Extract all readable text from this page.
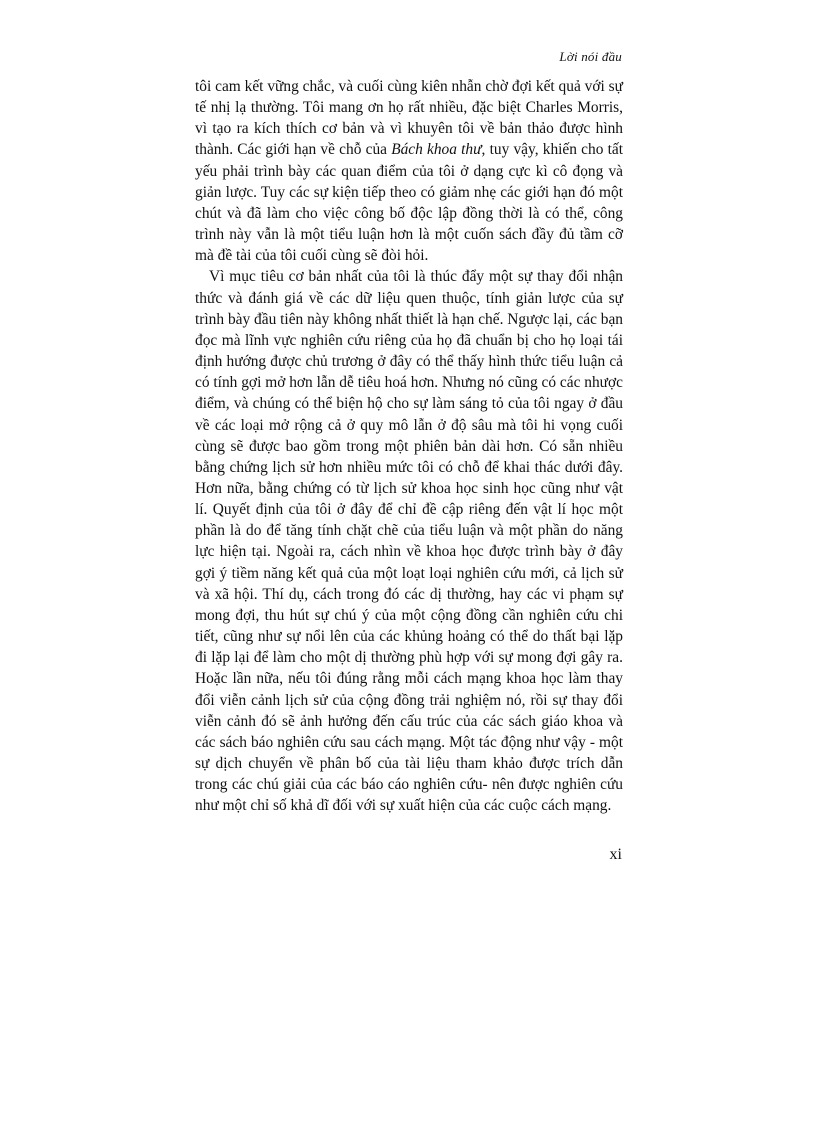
Lời nói đầu

tôi cam kết vững chắc, và cuối cùng kiên nhẫn chờ đợi kết quả với sự tế nhị lạ thường. Tôi mang ơn họ rất nhiều, đặc biệt Charles Morris, vì tạo ra kích thích cơ bản và vì khuyên tôi về bản thảo được hình thành. Các giới hạn về chỗ của Bách khoa thư, tuy vậy, khiến cho tất yếu phải trình bày các quan điểm của tôi ở dạng cực kì cô đọng và giản lược. Tuy các sự kiện tiếp theo có giảm nhẹ các giới hạn đó một chút và đã làm cho việc công bố độc lập đồng thời là có thể, công trình này vẫn là một tiểu luận hơn là một cuốn sách đầy đủ tầm cỡ mà đề tài của tôi cuối cùng sẽ đòi hỏi.

Vì mục tiêu cơ bản nhất của tôi là thúc đẩy một sự thay đổi nhận thức và đánh giá về các dữ liệu quen thuộc, tính giản lược của sự trình bày đầu tiên này không nhất thiết là hạn chế. Ngược lại, các bạn đọc mà lĩnh vực nghiên cứu riêng của họ đã chuẩn bị cho họ loại tái định hướng được chủ trương ở đây có thể thấy hình thức tiểu luận cả có tính gợi mở hơn lẫn dễ tiêu hoá hơn. Nhưng nó cũng có các nhược điểm, và chúng có thể biện hộ cho sự làm sáng tỏ của tôi ngay ở đầu về các loại mở rộng cả ở quy mô lẫn ở độ sâu mà tôi hi vọng cuối cùng sẽ được bao gồm trong một phiên bản dài hơn. Có sẵn nhiều bằng chứng lịch sử hơn nhiều mức tôi có chỗ để khai thác dưới đây. Hơn nữa, bằng chứng có từ lịch sử khoa học sinh học cũng như vật lí. Quyết định của tôi ở đây để chỉ đề cập riêng đến vật lí học một phần là do để tăng tính chặt chẽ của tiểu luận và một phần do năng lực hiện tại. Ngoài ra, cách nhìn về khoa học được trình bày ở đây gợi ý tiềm năng kết quả của một loạt loại nghiên cứu mới, cả lịch sử và xã hội. Thí dụ, cách trong đó các dị thường, hay các vi phạm sự mong đợi, thu hút sự chú ý của một cộng đồng cần nghiên cứu chi tiết, cũng như sự nổi lên của các khủng hoảng có thể do thất bại lặp đi lặp lại để làm cho một dị thường phù hợp với sự mong đợi gây ra. Hoặc lần nữa, nếu tôi đúng rằng mỗi cách mạng khoa học làm thay đổi viễn cảnh lịch sử của cộng đồng trải nghiệm nó, rồi sự thay đổi viễn cảnh đó sẽ ảnh hưởng đến cấu trúc của các sách giáo khoa và các sách báo nghiên cứu sau cách mạng. Một tác động như vậy - một sự dịch chuyển về phân bố của tài liệu tham khảo được trích dẫn trong các chú giải của các báo cáo nghiên cứu- nên được nghiên cứu như một chỉ số khả dĩ đối với sự xuất hiện của các cuộc cách mạng.

xi
